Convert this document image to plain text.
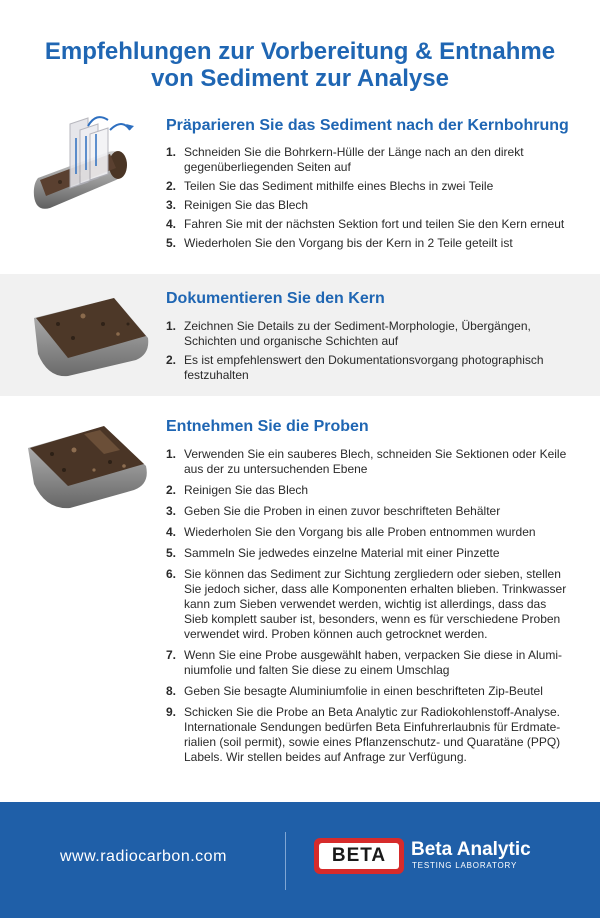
Empfehlungen zur Vorbereitung & Entnahme
von Sediment zur Analyse
Präparieren Sie das Sediment nach der Kernbohrung
1. Schneiden Sie die Bohrkern-Hülle der Länge nach an den direkt
gegenüberliegenden Seiten auf
2. Teilen Sie das Sediment mithilfe eines Blechs in zwei Teile
3. Reinigen Sie das Blech
4. Fahren Sie mit der nächsten Sektion fort und teilen Sie den Kern erneut
5. Wiederholen Sie den Vorgang bis der Kern in 2 Teile geteilt ist
Dokumentieren Sie den Kern
1. Zeichnen Sie Details zu der Sediment-Morphologie, Übergängen,
Schichten und organische Schichten auf
2. Es ist empfehlenswert den Dokumentationsvorgang photographisch
festzuhalten
Entnehmen Sie die Proben
1. Verwenden Sie ein sauberes Blech, schneiden Sie Sektionen oder Keile
aus der zu untersuchenden Ebene
2. Reinigen Sie das Blech
3. Geben Sie die Proben in einen zuvor beschrifteten Behälter
4. Wiederholen Sie den Vorgang bis alle Proben entnommen wurden
5. Sammeln Sie jedwedes einzelne Material mit einer Pinzette
6. Sie können das Sediment zur Sichtung zergliedern oder sieben, stellen
Sie jedoch sicher, dass alle Komponenten erhalten blieben. Trinkwasser
kann zum Sieben verwendet werden, wichtig ist allerdings, dass das
Sieb komplett sauber ist, besonders, wenn es für verschiedene Proben
verwendet wird. Proben können auch getrocknet werden.
7. Wenn Sie eine Probe ausgewählt haben, verpacken Sie diese in Alumi-
niumfolie und falten Sie diese zu einem Umschlag
8. Geben Sie besagte Aluminiumfolie in einen beschrifteten Zip-Beutel
9. Schicken Sie die Probe an Beta Analytic zur Radiokohlenstoff-Analyse.
Internationale Sendungen bedürfen Beta Einfuhrerlaubnis für Erdmate-
rialien (soil permit), sowie eines Pflanzenschutz- und Quaratäne (PPQ)
Labels. Wir stellen beides auf Anfrage zur Verfügung.
www.radiocarbon.com	BETA	Beta Analytic
TESTING LABORATORY
